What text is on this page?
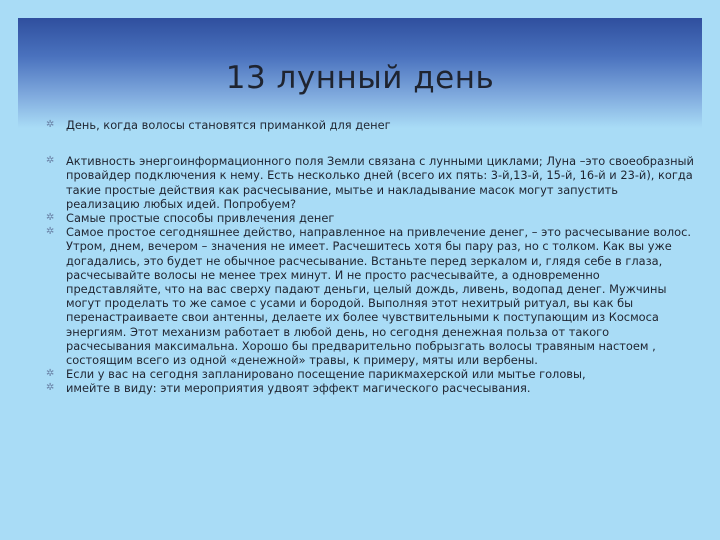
13 лунный день
✲	День, когда волосы становятся приманкой для денег
✲	Активность энергоинформационного поля Земли связана с лунными циклами; Луна –это своеобразный провайдер подключения к нему. Есть несколько дней (всего их пять: 3-й,13-й, 15-й, 16-й и 23-й), когда такие простые действия как расчесывание, мытье и накладывание масок могут запустить реализацию любых идей. Попробуем?
✲	Самые простые способы привлечения денег
✲	Самое простое сегодняшнее действо, направленное на привлечение денег, – это расчесывание волос. Утром, днем, вечером – значения не имеет. Расчешитесь хотя бы пару раз, но с толком. Как вы уже догадались, это будет не обычное расчесывание. Встаньте перед зеркалом и, глядя себе в глаза, расчесывайте волосы не менее трех минут. И не просто расчесывайте, а одновременно представляйте, что на вас сверху падают деньги, целый дождь, ливень, водопад денег. Мужчины могут проделать то же самое с усами и бородой. Выполняя этот нехитрый ритуал, вы как бы перенастраиваете свои антенны, делаете их более чувствительными к поступающим из Космоса энергиям. Этот механизм работает в любой день, но сегодня денежная польза от такого расчесывания максимальна. Хорошо бы предварительно побрызгать волосы травяным настоем , состоящим всего из одной «денежной» травы, к примеру, мяты или вербены.
✲	Если у вас на сегодня запланировано посещение парикмахерской или мытье головы,
✲	имейте в виду: эти мероприятия удвоят эффект магического расчесывания.
